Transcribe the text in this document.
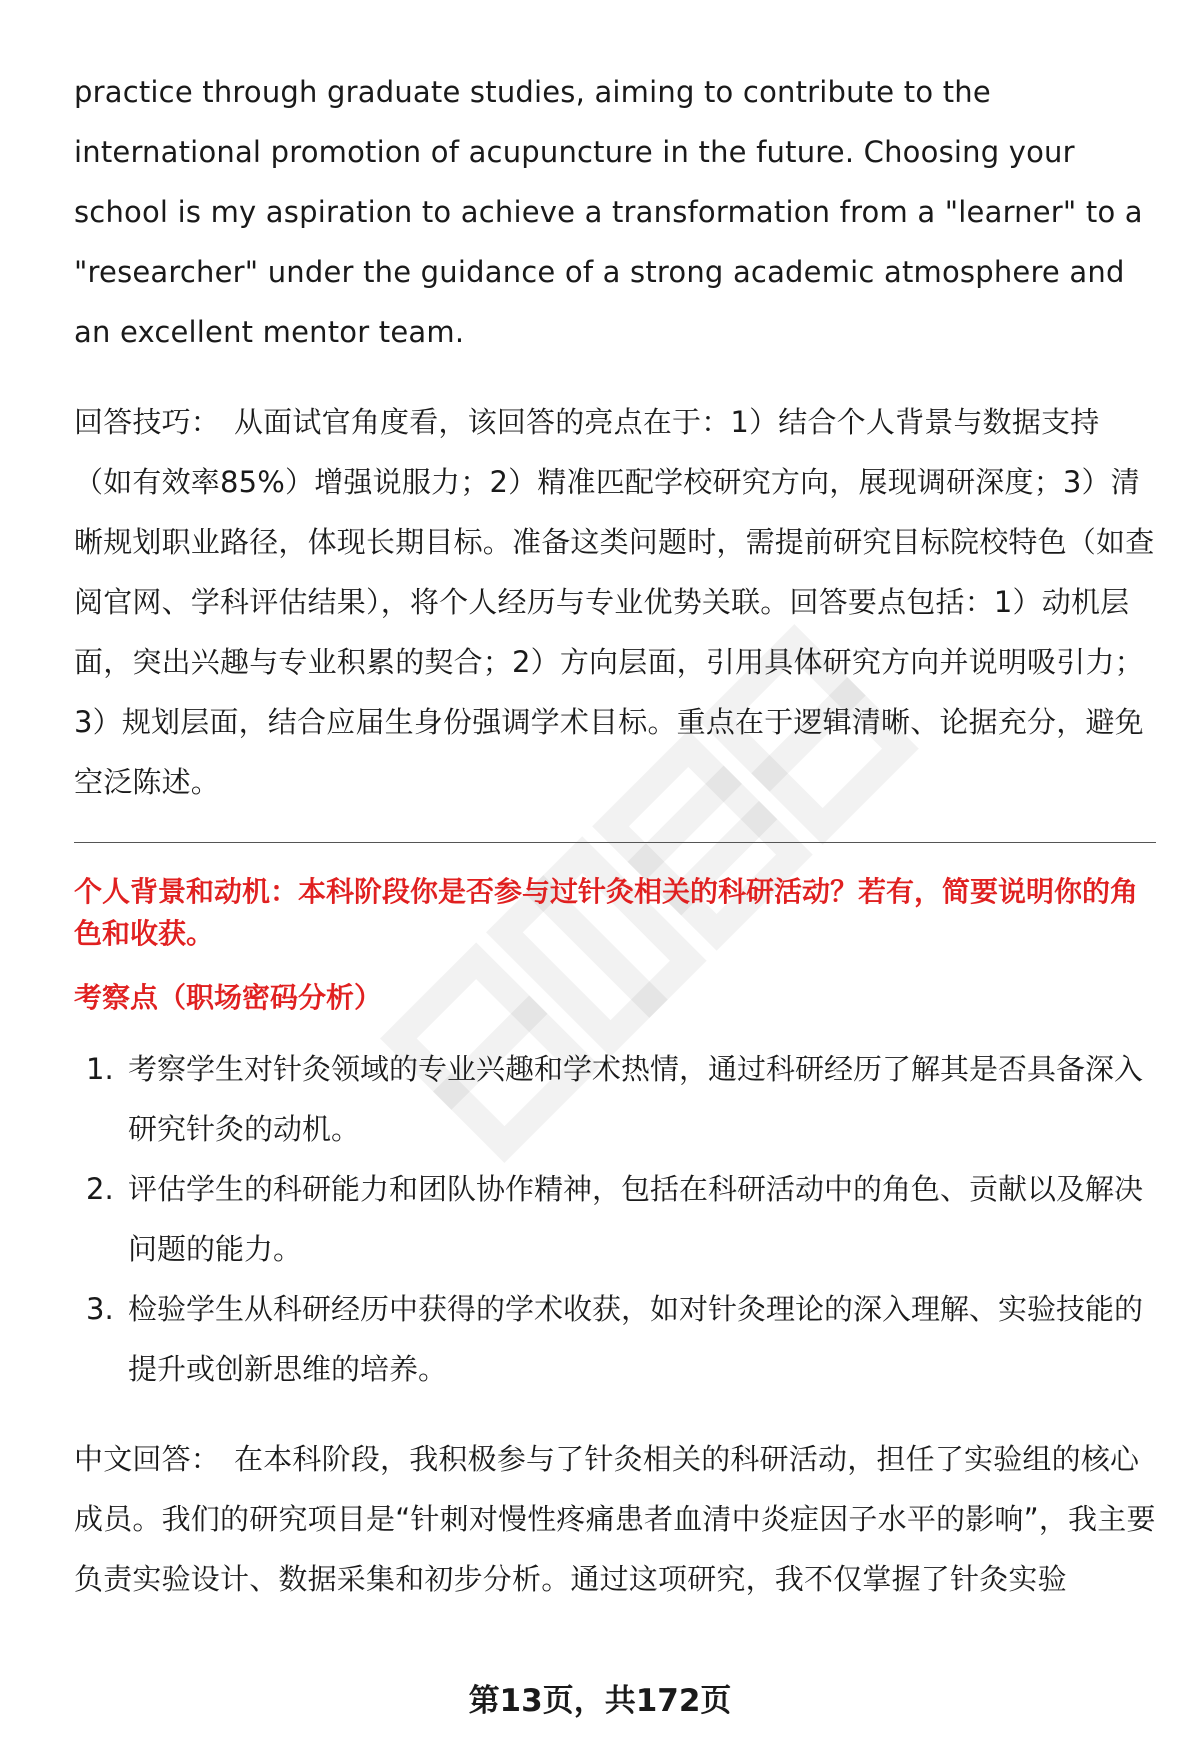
practice through graduate studies, aiming to contribute to the international promotion of acupuncture in the future. Choosing your school is my aspiration to achieve a transformation from a "learner" to a "researcher" under the guidance of a strong academic atmosphere and an excellent mentor team.

回答技巧： 从面试官角度看，该回答的亮点在于：1）结合个人背景与数据支持（如有效率85%）增强说服力；2）精准匹配学校研究方向，展现调研深度；3）清晰规划职业路径，体现长期目标。准备这类问题时，需提前研究目标院校特色（如查阅官网、学科评估结果），将个人经历与专业优势关联。回答要点包括：1）动机层面，突出兴趣与专业积累的契合；2）方向层面，引用具体研究方向并说明吸引力；3）规划层面，结合应届生身份强调学术目标。重点在于逻辑清晰、论据充分，避免空泛陈述。

个人背景和动机：本科阶段你是否参与过针灸相关的科研活动？若有，简要说明你的角色和收获。

考察点（职场密码分析）

1. 考察学生对针灸领域的专业兴趣和学术热情，通过科研经历了解其是否具备深入研究针灸的动机。
2. 评估学生的科研能力和团队协作精神，包括在科研活动中的角色、贡献以及解决问题的能力。
3. 检验学生从科研经历中获得的学术收获，如对针灸理论的深入理解、实验技能的提升或创新思维的培养。

中文回答： 在本科阶段，我积极参与了针灸相关的科研活动，担任了实验组的核心成员。我们的研究项目是“针刺对慢性疼痛患者血清中炎症因子水平的影响”，我主要负责实验设计、数据采集和初步分析。通过这项研究，我不仅掌握了针灸实验

第13页，共172页
